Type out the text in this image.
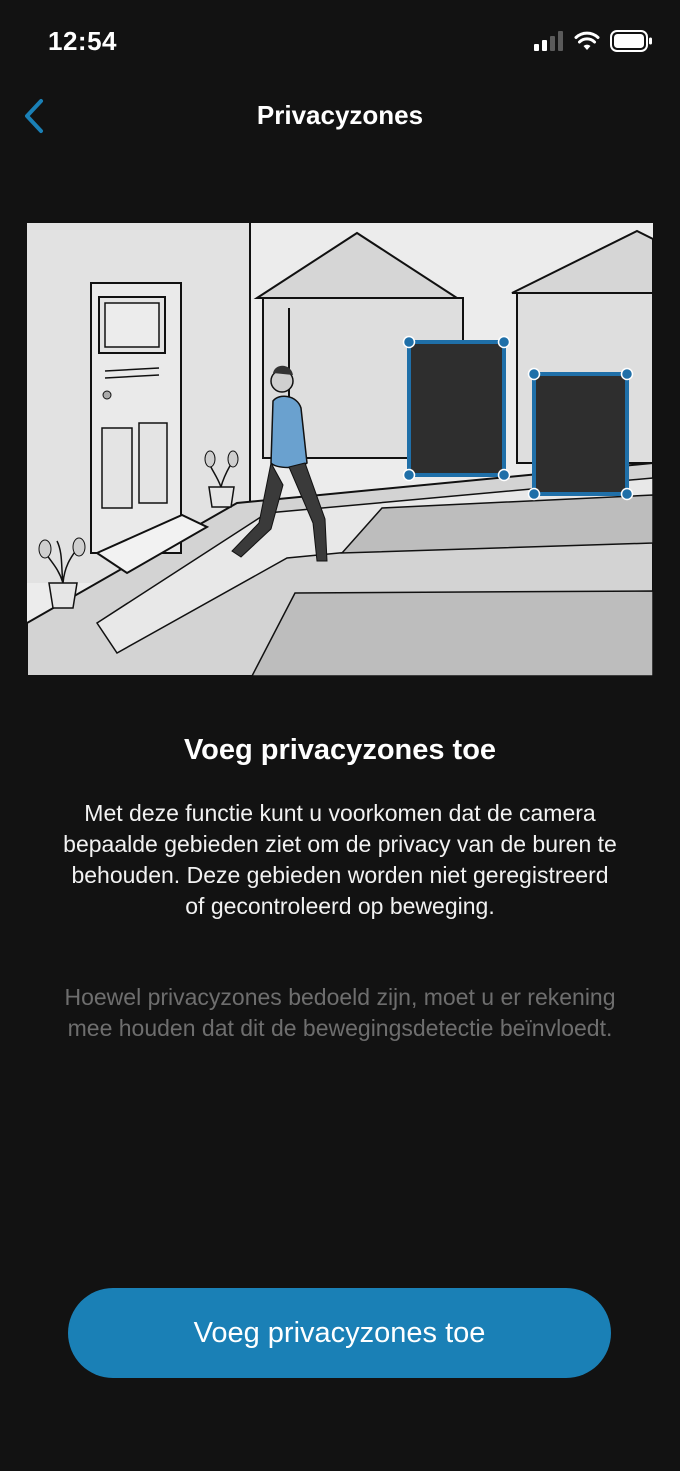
12:54
Privacyzones
Voeg privacyzones toe
Met deze functie kunt u voorkomen dat de camera bepaalde gebieden ziet om de privacy van de buren te behouden. Deze gebieden worden niet geregistreerd of gecontroleerd op beweging.
Hoewel privacyzones bedoeld zijn, moet u er rekening mee houden dat dit de bewegingsdetectie beïnvloedt.
Voeg privacyzones toe
